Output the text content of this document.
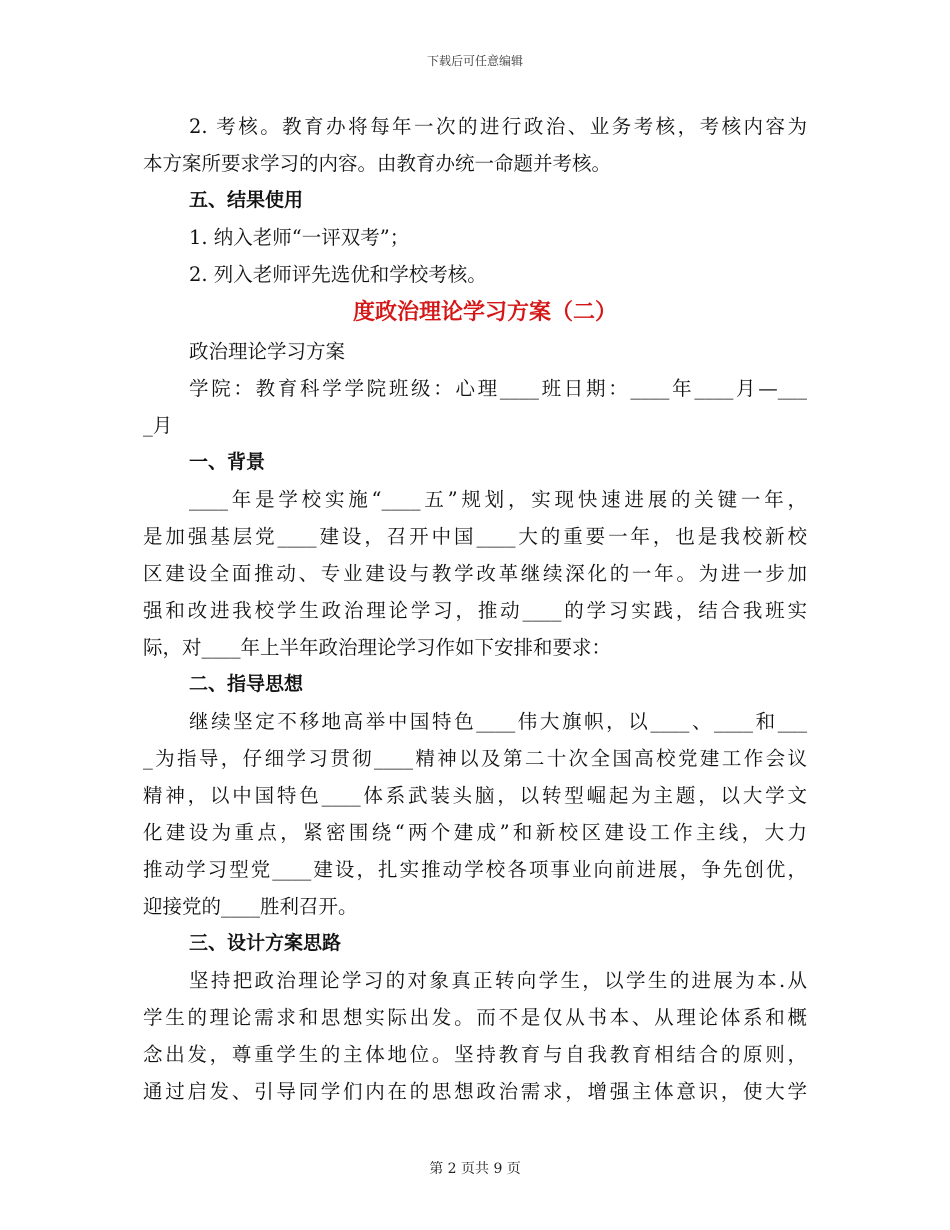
下载后可任意编辑
2. 考核。教育办将每年一次的进行政治、业务考核，考核内容为
本方案所要求学习的内容。由教育办统一命题并考核。
五、结果使用
1. 纳入老师“一评双考”；
2. 列入老师评先选优和学校考核。
度政治理论学习方案（二）
政治理论学习方案
学院：教育科学学院班级：心理____班日期：____年____月—___
_月
一、背景
____年是学校实施“____五”规划，实现快速进展的关键一年，
是加强基层党____建设，召开中国____大的重要一年，也是我校新校
区建设全面推动、专业建设与教学改革继续深化的一年。为进一步加
强和改进我校学生政治理论学习，推动____的学习实践，结合我班实
际，对____年上半年政治理论学习作如下安排和要求：
二、指导思想
继续坚定不移地高举中国特色____伟大旗帜，以____、____和___
_为指导，仔细学习贯彻____精神以及第二十次全国高校党建工作会议
精神，以中国特色____体系武装头脑，以转型崛起为主题，以大学文
化建设为重点，紧密围绕“两个建成”和新校区建设工作主线，大力
推动学习型党____建设，扎实推动学校各项事业向前进展，争先创优，
迎接党的____胜利召开。
三、设计方案思路
坚持把政治理论学习的对象真正转向学生，以学生的进展为本.从
学生的理论需求和思想实际出发。而不是仅从书本、从理论体系和概
念出发，尊重学生的主体地位。坚持教育与自我教育相结合的原则，
通过启发、引导同学们内在的思想政治需求，增强主体意识，使大学
第 2 页共 9 页
